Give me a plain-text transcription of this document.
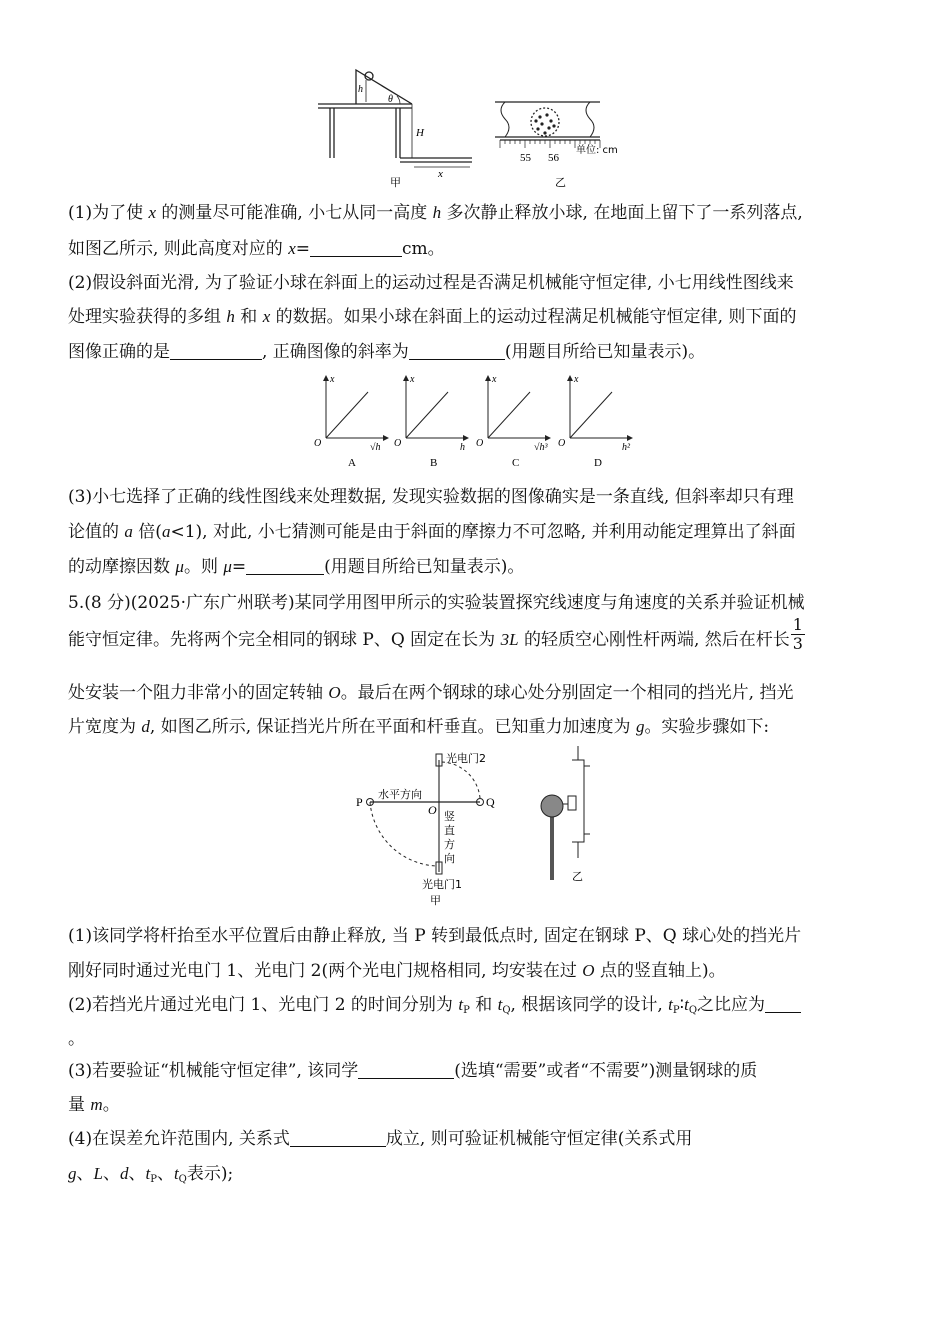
h
θ
H
x
55 56
单位: cm
甲	乙
(1)为了使 x 的测量尽可能准确, 小七从同一高度 h 多次静止释放小球, 在地面上留下了一系列落点,
如图乙所示, 则此高度对应的 x=	cm。
(2)假设斜面光滑, 为了验证小球在斜面上的运动过程是否满足机械能守恒定律, 小七用线性图线来
处理实验获得的多组 h 和 x 的数据。如果小球在斜面上的运动过程满足机械能守恒定律, 则下面的
图像正确的是	, 正确图像的斜率为	(用题目所给已知量表示)。
x	x	x	x
O	O	O	O
√h	h	√h³	h²
A	B	C	D
(3)小七选择了正确的线性图线来处理数据, 发现实验数据的图像确实是一条直线, 但斜率却只有理
论值的 a 倍(a<1), 对此, 小七猜测可能是由于斜面的摩擦力不可忽略, 并利用动能定理算出了斜面
的动摩擦因数 μ。则 μ=	(用题目所给已知量表示)。
5.(8 分)(2025·广东广州联考)某同学用图甲所示的实验装置探究线速度与角速度的关系并验证机械
能守恒定律。先将两个完全相同的钢球 P、Q 固定在长为 3L 的轻质空心刚性杆两端, 然后在杆长 $\frac{1}{3}$
处安装一个阻力非常小的固定转轴 O。最后在两个钢球的球心处分别固定一个相同的挡光片, 挡光
片宽度为 d, 如图乙所示, 保证挡光片所在平面和杆垂直。已知重力加速度为 g。实验步骤如下:
光电门2
光电门1
水平方向
竖
直
方
向
P	Q
O
甲
乙
(1)该同学将杆抬至水平位置后由静止释放, 当 P 转到最低点时, 固定在钢球 P、Q 球心处的挡光片
刚好同时通过光电门 1、光电门 2(两个光电门规格相同, 均安装在过 O 点的竖直轴上)。
(2)若挡光片通过光电门 1、光电门 2 的时间分别为 $t_P$ 和 $t_Q$, 根据该同学的设计, $t_P∶t_Q$之比应为
。
(3)若要验证“机械能守恒定律”, 该同学	(选填“需要”或者“不需要”)测量钢球的质
量 m。
(4)在误差允许范围内, 关系式	成立, 则可验证机械能守恒定律(关系式用
g、L、d、$t_P$、$t_Q$表示);
